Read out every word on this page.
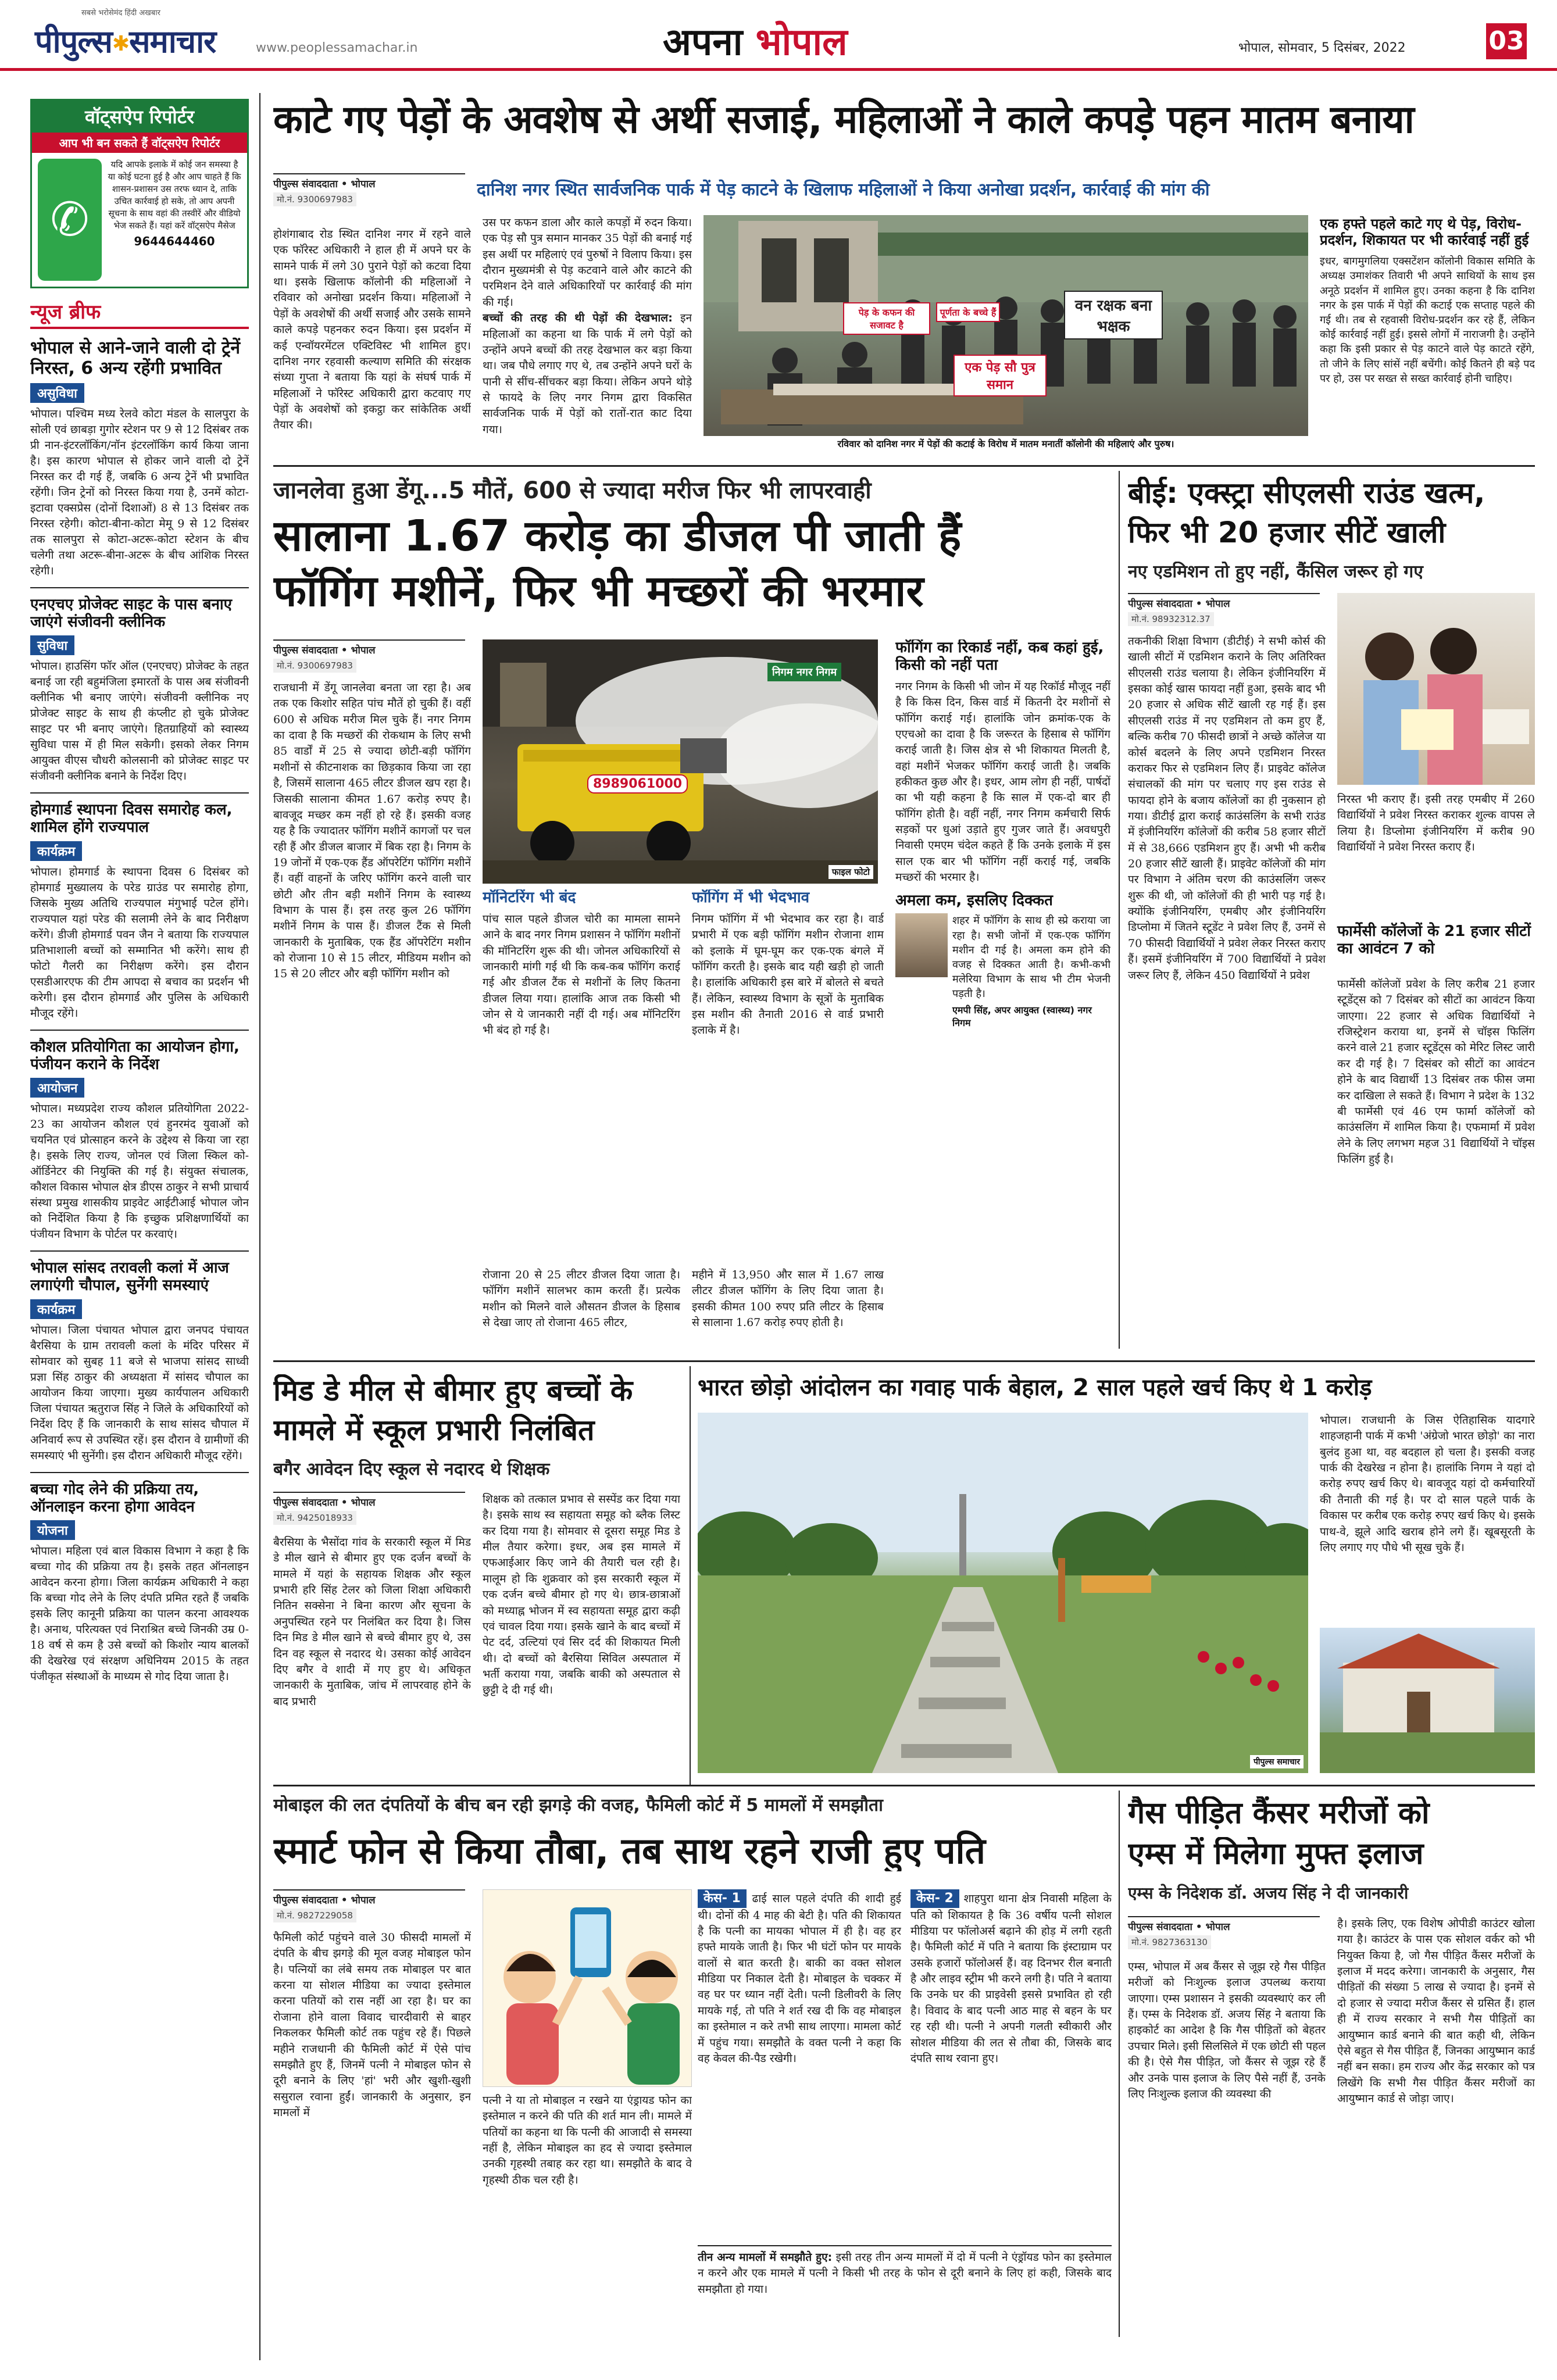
सबसे भरोसेमंद हिंदी अखबार
पीपुल्स✱समाचार	www.peoplessamachar.in	अपना भोपाल	भोपाल, सोमवार, 5 दिसंबर, 2022	03
वॉट्सऐप रिपोर्टर
आप भी बन सकते हैं वॉट्सऐप रिपोर्टर
✆
यदि आपके इलाके में कोई जन समस्या है या कोई घटना हुई है और आप चाहते हैं कि शासन-प्रशासन उस तरफ ध्यान दे, ताकि उचित कार्रवाई हो सके, तो आप अपनी सूचना के साथ वहां की तस्वीरें और वीडियो भेज सकते हैं। यहां करें वॉट्सऐप मैसेज
9644644460
न्यूज ब्रीफ
भोपाल से आने-जाने वाली दो ट्रेनें निरस्त, 6 अन्य रहेंगी प्रभावित
असुविधा
भोपाल। पश्चिम मध्य रेलवे कोटा मंडल के सालपुरा के सोली एवं छाबड़ा गुगोर स्टेशन पर 9 से 12 दिसंबर तक प्री नान-इंटरलॉकिंग/नॉन इंटरलॉकिंग कार्य किया जाना है। इस कारण भोपाल से होकर जाने वाली दो ट्रेनें निरस्त कर दी गई हैं, जबकि 6 अन्य ट्रेनें भी प्रभावित रहेंगी। जिन ट्रेनों को निरस्त किया गया है, उनमें कोटा-इटावा एक्सप्रेस (दोनों दिशाओं) 8 से 13 दिसंबर तक निरस्त रहेगी। कोटा-बीना-कोटा मेमू 9 से 12 दिसंबर तक सालपुरा से कोटा-अटरू-कोटा स्टेशन के बीच चलेगी तथा अटरू-बीना-अटरू के बीच आंशिक निरस्त रहेगी।
एनएचए प्रोजेक्ट साइट के पास बनाए जाएंगे संजीवनी क्लीनिक
सुविधा
भोपाल। हाउसिंग फॉर ऑल (एनएचए) प्रोजेक्ट के तहत बनाई जा रही बहुमंजिला इमारतों के पास अब संजीवनी क्लीनिक भी बनाए जाएंगे। संजीवनी क्लीनिक नए प्रोजेक्ट साइट के साथ ही कंप्लीट हो चुके प्रोजेक्ट साइट पर भी बनाए जाएंगे। हितग्राहियों को स्वास्थ्य सुविधा पास में ही मिल सकेगी। इसको लेकर निगम आयुक्त वीएस चौधरी कोलसानी को प्रोजेक्ट साइट पर संजीवनी क्लीनिक बनाने के निर्देश दिए।
होमगार्ड स्थापना दिवस समारोह कल, शामिल होंगे राज्यपाल
कार्यक्रम
भोपाल। होमगार्ड के स्थापना दिवस 6 दिसंबर को होमगार्ड मुख्यालय के परेड ग्राउंड पर समारोह होगा, जिसके मुख्य अतिथि राज्यपाल मंगुभाई पटेल होंगे। राज्यपाल यहां परेड की सलामी लेने के बाद निरीक्षण करेंगे। डीजी होमगार्ड पवन जैन ने बताया कि राज्यपाल प्रतिभाशाली बच्चों को सम्मानित भी करेंगे। साथ ही फोटो गैलरी का निरीक्षण करेंगे। इस दौरान एसडीआरएफ की टीम आपदा से बचाव का प्रदर्शन भी करेगी। इस दौरान होमगार्ड और पुलिस के अधिकारी मौजूद रहेंगे।
कौशल प्रतियोगिता का आयोजन होगा, पंजीयन कराने के निर्देश
आयोजन
भोपाल। मध्यप्रदेश राज्य कौशल प्रतियोगिता 2022-23 का आयोजन कौशल एवं हुनरमंद युवाओं को चयनित एवं प्रोत्साहन करने के उद्देश्य से किया जा रहा है। इसके लिए राज्य, जोनल एवं जिला स्किल को-ऑर्डिनेटर की नियुक्ति की गई है। संयुक्त संचालक, कौशल विकास भोपाल क्षेत्र डीएस ठाकुर ने सभी प्राचार्य संस्था प्रमुख शासकीय प्राइवेट आईटीआई भोपाल जोन को निर्देशित किया है कि इच्छुक प्रशिक्षणार्थियों का पंजीयन विभाग के पोर्टल पर करवाएं।
भोपाल सांसद तरावली कलां में आज लगाएंगी चौपाल, सुनेंगी समस्याएं
कार्यक्रम
भोपाल। जिला पंचायत भोपाल द्वारा जनपद पंचायत बैरसिया के ग्राम तरावली कलां के मंदिर परिसर में सोमवार को सुबह 11 बजे से भाजपा सांसद साध्वी प्रज्ञा सिंह ठाकुर की अध्यक्षता में सांसद चौपाल का आयोजन किया जाएगा। मुख्य कार्यपालन अधिकारी जिला पंचायत ऋतुराज सिंह ने जिले के अधिकारियों को निर्देश दिए हैं कि जानकारी के साथ सांसद चौपाल में अनिवार्य रूप से उपस्थित रहें। इस दौरान वे ग्रामीणों की समस्याएं भी सुनेंगी। इस दौरान अधिकारी मौजूद रहेंगे।
बच्चा गोद लेने की प्रक्रिया तय, ऑनलाइन करना होगा आवेदन
योजना
भोपाल। महिला एवं बाल विकास विभाग ने कहा है कि बच्चा गोद की प्रक्रिया तय है। इसके तहत ऑनलाइन आवेदन करना होगा। जिला कार्यक्रम अधिकारी ने कहा कि बच्चा गोद लेने के लिए दंपति प्रमित रहते हैं जबकि इसके लिए कानूनी प्रक्रिया का पालन करना आवश्यक है। अनाथ, परित्यक्त एवं निराश्रित बच्चे जिनकी उम्र 0-18 वर्ष से कम है उसे बच्चों को किशोर न्याय बालकों की देखरेख एवं संरक्षण अधिनियम 2015 के तहत पंजीकृत संस्थाओं के माध्यम से गोद दिया जाता है।
काटे गए पेड़ों के अवशेष से अर्थी सजाई, महिलाओं ने काले कपड़े पहन मातम बनाया
पीपुल्स संवाददाता • भोपाल
मो.नं. 9300697983	दानिश नगर स्थित सार्वजनिक पार्क में पेड़ काटने के खिलाफ महिलाओं ने किया अनोखा प्रदर्शन, कार्रवाई की मांग की
होशंगाबाद रोड स्थित दानिश नगर में रहने वाले एक फॉरेस्ट अधिकारी ने हाल ही में अपने घर के सामने पार्क में लगे 30 पुराने पेड़ों को कटवा दिया था। इसके खिलाफ कॉलोनी की महिलाओं ने रविवार को अनोखा प्रदर्शन किया। महिलाओं ने पेड़ों के अवशेषों की अर्थी सजाई और उसके सामने काले कपड़े पहनकर रुदन किया। इस प्रदर्शन में कई एन्वॉयरमेंटल एक्टिविस्ट भी शामिल हुए। दानिश नगर रहवासी कल्याण समिति की संरक्षक संध्या गुप्ता ने बताया कि यहां के संघर्ष पार्क में महिलाओं ने फॉरेस्ट अधिकारी द्वारा कटवाए गए पेड़ों के अवशेषों को इकट्ठा कर सांकेतिक अर्थी तैयार की।
उस पर कफन डाला और काले कपड़ों में रुदन किया। एक पेड़ सौ पुत्र समान मानकर 35 पेड़ों की बनाई गई इस अर्थी पर महिलाएं एवं पुरुषों ने विलाप किया। इस दौरान मुख्यमंत्री से पेड़ कटवाने वाले और काटने की परमिशन देने वाले अधिकारियों पर कार्रवाई की मांग की गई।
बच्चों की तरह की थी पेड़ों की देखभाल: इन महिलाओं का कहना था कि पार्क में लगे पेड़ों को उन्होंने अपने बच्चों की तरह देखभाल कर बड़ा किया था। जब पौधे लगाए गए थे, तब उन्होंने अपने घरों के पानी से सींच-सींचकर बड़ा किया। लेकिन अपने थोड़े से फायदे के लिए नगर निगम द्वारा विकसित सार्वजनिक पार्क में पेड़ों को रातों-रात काट दिया गया।
पेड़ के कफन की सजावट है
पूर्णता के बच्चे हैं	वन रक्षक बना भक्षक
एक पेड़ सौ पुत्र समान
रविवार को दानिश नगर में पेड़ों की कटाई के विरोध में मातम मनातीं कॉलोनी की महिलाएं और पुरुष।
एक हफ्ते पहले काटे गए थे पेड़, विरोध-प्रदर्शन, शिकायत पर भी कार्रवाई नहीं हुई
इधर, बागमुगलिया एक्सटेंशन कॉलोनी विकास समिति के अध्यक्ष उमाशंकर तिवारी भी अपने साथियों के साथ इस अनूठे प्रदर्शन में शामिल हुए। उनका कहना है कि दानिश नगर के इस पार्क में पेड़ों की कटाई एक सप्ताह पहले की गई थी। तब से रहवासी विरोध-प्रदर्शन कर रहे हैं, लेकिन कोई कार्रवाई नहीं हुई। इससे लोगों में नाराजगी है। उन्होंने कहा कि इसी प्रकार से पेड़ काटने वाले पेड़ काटते रहेंगे, तो जीने के लिए सांसें नहीं बचेंगी। कोई कितने ही बड़े पद पर हो, उस पर सख्त से सख्त कार्रवाई होनी चाहिए।
जानलेवा हुआ डेंगू...5 मौतें, 600 से ज्यादा मरीज फिर भी लापरवाही
सालाना 1.67 करोड़ का डीजल पी जाती हैं
फॉगिंग मशीनें, फिर भी मच्छरों की भरमार
पीपुल्स संवाददाता • भोपाल
मो.नं. 9300697983
राजधानी में डेंगू जानलेवा बनता जा रहा है। अब तक एक किशोर सहित पांच मौतें हो चुकी हैं। वहीं 600 से अधिक मरीज मिल चुके हैं। नगर निगम का दावा है कि मच्छरों की रोकथाम के लिए सभी 85 वार्डों में 25 से ज्यादा छोटी-बड़ी फॉगिंग मशीनों से कीटनाशक का छिड़काव किया जा रहा है, जिसमें सालाना 465 लीटर डीजल खप रहा है। जिसकी सालाना कीमत 1.67 करोड़ रुपए है। बावजूद मच्छर कम नहीं हो रहे हैं। इसकी वजह यह है कि ज्यादातर फॉगिंग मशीनें कागजों पर चल रही हैं और डीजल बाजार में बिक रहा है। निगम के 19 जोनों में एक-एक हैंड ऑपरेटिंग फॉगिंग मशीनें हैं। वहीं वाहनों के जरिए फॉगिंग करने वाली चार छोटी और तीन बड़ी मशीनें निगम के स्वास्थ्य विभाग के पास हैं। इस तरह कुल 26 फॉगिंग मशीनें निगम के पास हैं। डीजल टैंक से मिली जानकारी के मुताबिक, एक हैंड ऑपरेटिंग मशीन को रोजाना 10 से 15 लीटर, मीडियम मशीन को 15 से 20 लीटर और बड़ी फॉगिंग मशीन को
8989061000
निगम नगर निगम
फाइल फोटो
मॉनिटरिंग भी बंद
पांच साल पहले डीजल चोरी का मामला सामने आने के बाद नगर निगम प्रशासन ने फॉगिंग मशीनों की मॉनिटरिंग शुरू की थी। जोनल अधिकारियों से जानकारी मांगी गई थी कि कब-कब फॉगिंग कराई गई और डीजल टैंक से मशीनों के लिए कितना डीजल लिया गया। हालांकि आज तक किसी भी जोन से ये जानकारी नहीं दी गई। अब मॉनिटरिंग भी बंद हो गई है।
फॉगिंग में भी भेदभाव
निगम फॉगिंग में भी भेदभाव कर रहा है। वार्ड प्रभारी में एक बड़ी फॉगिंग मशीन रोजाना शाम को इलाके में घूम-घूम कर एक-एक बंगले में फॉगिंग करती है। इसके बाद यही खड़ी हो जाती है। हालांकि अधिकारी इस बारे में बोलते से बचते हैं। लेकिन, स्वास्थ्य विभाग के सूत्रों के मुताबिक इस मशीन की तैनाती 2016 से वार्ड प्रभारी इलाके में है।
रोजाना 20 से 25 लीटर डीजल दिया जाता है। फॉगिंग मशीनें सालभर काम करती हैं। प्रत्येक मशीन को मिलने वाले औसतन डीजल के हिसाब से देखा जाए तो रोजाना 465 लीटर,
महीने में 13,950 और साल में 1.67 लाख लीटर डीजल फॉगिंग के लिए दिया जाता है। इसकी कीमत 100 रुपए प्रति लीटर के हिसाब से सालाना 1.67 करोड़ रुपए होती है।
फॉगिंग का रिकार्ड नहीं, कब कहां हुई, किसी को नहीं पता
नगर निगम के किसी भी जोन में यह रिकॉर्ड मौजूद नहीं है कि किस दिन, किस वार्ड में कितनी देर मशीनों से फॉगिंग कराई गई। हालांकि जोन क्रमांक-एक के एएचओ का दावा है कि जरूरत के हिसाब से फॉगिंग कराई जाती है। जिस क्षेत्र से भी शिकायत मिलती है, वहां मशीनें भेजकर फॉगिंग कराई जाती है। जबकि हकीकत कुछ और है। इधर, आम लोग ही नहीं, पार्षदों का भी यही कहना है कि साल में एक-दो बार ही फॉगिंग होती है। वहीं नहीं, नगर निगम कर्मचारी सिर्फ सड़कों पर धुआं उड़ाते हुए गुजर जाते हैं। अवधपुरी निवासी एमएम चंदेल कहते हैं कि उनके इलाके में इस साल एक बार भी फॉगिंग नहीं कराई गई, जबकि मच्छरों की भरमार है।
अमला कम, इसलिए दिक्कत
शहर में फॉगिंग के साथ ही स्प्रे कराया जा रहा है। सभी जोनों में एक-एक फॉगिंग मशीन दी गई है। अमला कम होने की वजह से दिक्कत आती है। कभी-कभी मलेरिया विभाग के साथ भी टीम भेजनी पड़ती है।
एमपी सिंह, अपर आयुक्त (स्वास्थ्य) नगर निगम
बीई: एक्स्ट्रा सीएलसी राउंड खत्म,
फिर भी 20 हजार सीटें खाली
नए एडमिशन तो हुए नहीं, कैंसिल जरूर हो गए
पीपुल्स संवाददाता • भोपाल
मो.नं. 98932312.37
तकनीकी शिक्षा विभाग (डीटीई) ने सभी कोर्स की खाली सीटों में एडमिशन कराने के लिए अतिरिक्त सीएलसी राउंड चलाया है। लेकिन इंजीनियरिंग में इसका कोई खास फायदा नहीं हुआ, इसके बाद भी 20 हजार से अधिक सीटें खाली रह गई हैं। इस सीएलसी राउंड में नए एडमिशन तो कम हुए हैं, बल्कि करीब 70 फीसदी छात्रों ने अच्छे कॉलेज या कोर्स बदलने के लिए अपने एडमिशन निरस्त कराकर फिर से एडमिशन लिए हैं। प्राइवेट कॉलेज संचालकों की मांग पर चलाए गए इस राउंड से फायदा होने के बजाय कॉलेजों का ही नुकसान हो गया। डीटीई द्वारा कराई काउंसलिंग के सभी राउंड में इंजीनियरिंग कॉलेजों की करीब 58 हजार सीटों में से 38,666 एडमिशन हुए हैं। अभी भी करीब 20 हजार सीटें खाली हैं। प्राइवेट कॉलेजों की मांग पर विभाग ने अंतिम चरण की काउंसलिंग जरूर शुरू की थी, जो कॉलेजों की ही भारी पड़ गई है। क्योंकि इंजीनियरिंग, एमबीए और इंजीनियरिंग डिप्लोमा में जितने स्टूडेंट ने प्रवेश लिए हैं, उनमें से 70 फीसदी विद्यार्थियों ने प्रवेश लेकर निरस्त कराए हैं। इसमें इंजीनियरिंग में 700 विद्यार्थियों ने प्रवेश जरूर लिए हैं, लेकिन 450 विद्यार्थियों ने प्रवेश
निरस्त भी कराए हैं। इसी तरह एमबीए में 260 विद्यार्थियों ने प्रवेश निरस्त कराकर शुल्क वापस ले लिया है। डिप्लोमा इंजीनियरिंग में करीब 90 विद्यार्थियों ने प्रवेश निरस्त कराए हैं।
फार्मेसी कॉलेजों के 21 हजार सीटों का आवंटन 7 को
फार्मेसी कॉलेजों प्रवेश के लिए करीब 21 हजार स्टूडेंट्स को 7 दिसंबर को सीटों का आवंटन किया जाएगा। 22 हजार से अधिक विद्यार्थियों ने रजिस्ट्रेशन कराया था, इनमें से चॉइस फिलिंग करने वाले 21 हजार स्टूडेंट्स को मेरिट लिस्ट जारी कर दी गई है। 7 दिसंबर को सीटों का आवंटन होने के बाद विद्यार्थी 13 दिसंबर तक फीस जमा कर दाखिला ले सकते हैं। विभाग ने प्रदेश के 132 बी फार्मेसी एवं 46 एम फार्मा कॉलेजों को काउंसलिंग में शामिल किया है। एफमार्मा में प्रवेश लेने के लिए लगभग महज 31 विद्यार्थियों ने चॉइस फिलिंग हुई है।
मिड डे मील से बीमार हुए बच्चों के
मामले में स्कूल प्रभारी निलंबित
बगैर आवेदन दिए स्कूल से नदारद थे शिक्षक
पीपुल्स संवाददाता • भोपाल
मो.नं. 9425018933
बैरसिया के भैसोंदा गांव के सरकारी स्कूल में मिड डे मील खाने से बीमार हुए एक दर्जन बच्चों के मामले में यहां के सहायक शिक्षक और स्कूल प्रभारी हरि सिंह टेलर को जिला शिक्षा अधिकारी नितिन सक्सेना ने बिना कारण और सूचना के अनुपस्थित रहने पर निलंबित कर दिया है। जिस दिन मिड डे मील खाने से बच्चे बीमार हुए थे, उस दिन वह स्कूल से नदारद थे। उसका कोई आवेदन दिए बगैर वे शादी में गए हुए थे। अधिकृत जानकारी के मुताबिक, जांच में लापरवाह होने के बाद प्रभारी
शिक्षक को तत्काल प्रभाव से सस्पेंड कर दिया गया है। इसके साथ स्व सहायता समूह को ब्लैक लिस्ट कर दिया गया है। सोमवार से दूसरा समूह मिड डे मील तैयार करेगा। इधर, अब इस मामले में एफआईआर किए जाने की तैयारी चल रही है। मालूम हो कि शुक्रवार को इस सरकारी स्कूल में एक दर्जन बच्चे बीमार हो गए थे। छात्र-छात्राओं को मध्याह्न भोजन में स्व सहायता समूह द्वारा कढ़ी एवं चावल दिया गया। इसके खाने के बाद बच्चों में पेट दर्द, उल्टियां एवं सिर दर्द की शिकायत मिली थी। दो बच्चों को बैरसिया सिविल अस्पताल में भर्ती कराया गया, जबकि बाकी को अस्पताल से छुट्टी दे दी गई थी।
भारत छोड़ो आंदोलन का गवाह पार्क बेहाल, 2 साल पहले खर्च किए थे 1 करोड़
पीपुल्स समाचार
भोपाल। राजधानी के जिस ऐतिहासिक यादगारे शाहजहानी पार्क में कभी 'अंग्रेजो भारत छोड़ो' का नारा बुलंद हुआ था, वह बदहाल हो चला है। इसकी वजह पार्क की देखरेख न होना है। हालांकि निगम ने यहां दो करोड़ रुपए खर्च किए थे। बावजूद यहां दो कर्मचारियों की तैनाती की गई है। पर दो साल पहले पार्क के विकास पर करीब एक करोड़ रुपए खर्च किए थे। इसके पाथ-वे, झूले आदि खराब होने लगे हैं। खूबसूरती के लिए लगाए गए पौधे भी सूख चुके हैं।
मोबाइल की लत दंपतियों के बीच बन रही झगड़े की वजह, फैमिली कोर्ट में 5 मामलों में समझौता
स्मार्ट फोन से किया तौबा, तब साथ रहने राजी हुए पति
पीपुल्स संवाददाता • भोपाल
मो.नं. 9827229058
फैमिली कोर्ट पहुंचने वाले 30 फीसदी मामलों में दंपति के बीच झगड़े की मूल वजह मोबाइल फोन है। पत्नियों का लंबे समय तक मोबाइल पर बात करना या सोशल मीडिया का ज्यादा इस्तेमाल करना पतियों को रास नहीं आ रहा है। घर का रोजाना होने वाला विवाद चारदीवारी से बाहर निकलकर फैमिली कोर्ट तक पहुंच रहे हैं। पिछले महीने राजधानी की फैमिली कोर्ट में ऐसे पांच समझौते हुए हैं, जिनमें पत्नी ने मोबाइल फोन से दूरी बनाने के लिए 'हां' भरी और खुशी-खुशी ससुराल रवाना हुईं। जानकारी के अनुसार, इन मामलों में
पत्नी ने या तो मोबाइल न रखने या एंड्रायड फोन का इस्तेमाल न करने की पति की शर्त मान ली। मामले में पतियों का कहना था कि पत्नी की आजादी से समस्या नहीं है, लेकिन मोबाइल का हद से ज्यादा इस्तेमाल उनकी गृहस्थी तबाह कर रहा था। समझौते के बाद वे गृहस्थी ठीक चल रही है।
केस- 1 ढाई साल पहले दंपति की शादी हुई थी। दोनों की 4 माह की बेटी है। पति की शिकायत है कि पत्नी का मायका भोपाल में ही है। वह हर हफ्ते मायके जाती है। फिर भी घंटों फोन पर मायके वालों से बात करती है। बाकी का वक्त सोशल मीडिया पर निकाल देती है। मोबाइल के चक्कर में वह घर पर ध्यान नहीं देती। पत्नी डिलीवरी के लिए मायके गई, तो पति ने शर्त रख दी कि वह मोबाइल का इस्तेमाल न करे तभी साथ लाएगा। मामला कोर्ट में पहुंच गया। समझौते के वक्त पत्नी ने कहा कि वह केवल की-पैड रखेगी।
केस- 2 शाहपुरा थाना क्षेत्र निवासी महिला के पति को शिकायत है कि 36 वर्षीय पत्नी सोशल मीडिया पर फॉलोअर्स बढ़ाने की होड़ में लगी रहती है। फैमिली कोर्ट में पति ने बताया कि इंस्टाग्राम पर उसके हजारों फॉलोअर्स हैं। वह दिनभर रील बनाती है और लाइव स्ट्रीम भी करने लगी है। पति ने बताया कि उनके घर की प्राइवेसी इससे प्रभावित हो रही है। विवाद के बाद पत्नी आठ माह से बहन के घर रह रही थी। पत्नी ने अपनी गलती स्वीकारी और सोशल मीडिया की लत से तौबा की, जिसके बाद दंपति साथ रवाना हुए।
तीन अन्य मामलों में समझौते हुए: इसी तरह तीन अन्य मामलों में दो में पत्नी ने एंड्रॉयड फोन का इस्तेमाल न करने और एक मामले में पत्नी ने किसी भी तरह के फोन से दूरी बनाने के लिए हां कही, जिसके बाद समझौता हो गया।
गैस पीड़ित कैंसर मरीजों को
एम्स में मिलेगा मुफ्त इलाज
एम्स के निदेशक डॉ. अजय सिंह ने दी जानकारी
पीपुल्स संवाददाता • भोपाल
मो.नं. 9827363130
एम्स, भोपाल में अब कैंसर से जूझ रहे गैस पीड़ित मरीजों को निःशुल्क इलाज उपलब्ध कराया जाएगा। एम्स प्रशासन ने इसकी व्यवस्थाएं कर ली हैं। एम्स के निदेशक डॉ. अजय सिंह ने बताया कि हाइकोर्ट का आदेश है कि गैस पीड़ितों को बेहतर उपचार मिले। इसी सिलसिले में एक छोटी सी पहल की है। ऐसे गैस पीड़ित, जो कैंसर से जूझ रहे हैं और उनके पास इलाज के लिए पैसे नहीं हैं, उनके लिए निःशुल्क इलाज की व्यवस्था की
है। इसके लिए, एक विशेष ओपीडी काउंटर खोला गया है। काउंटर के पास एक सोशल वर्कर को भी नियुक्त किया है, जो गैस पीड़ित कैंसर मरीजों के इलाज में मदद करेगा। जानकारी के अनुसार, गैस पीड़ितों की संख्या 5 लाख से ज्यादा है। इनमें से दो हजार से ज्यादा मरीज कैंसर से ग्रसित हैं। हाल ही में राज्य सरकार ने सभी गैस पीड़ितों का आयुष्मान कार्ड बनाने की बात कही थी, लेकिन ऐसे बहुत से गैस पीड़ित हैं, जिनका आयुष्मान कार्ड नहीं बन सका। हम राज्य और केंद्र सरकार को पत्र लिखेंगे कि सभी गैस पीड़ित कैंसर मरीजों का आयुष्मान कार्ड से जोड़ा जाए।
